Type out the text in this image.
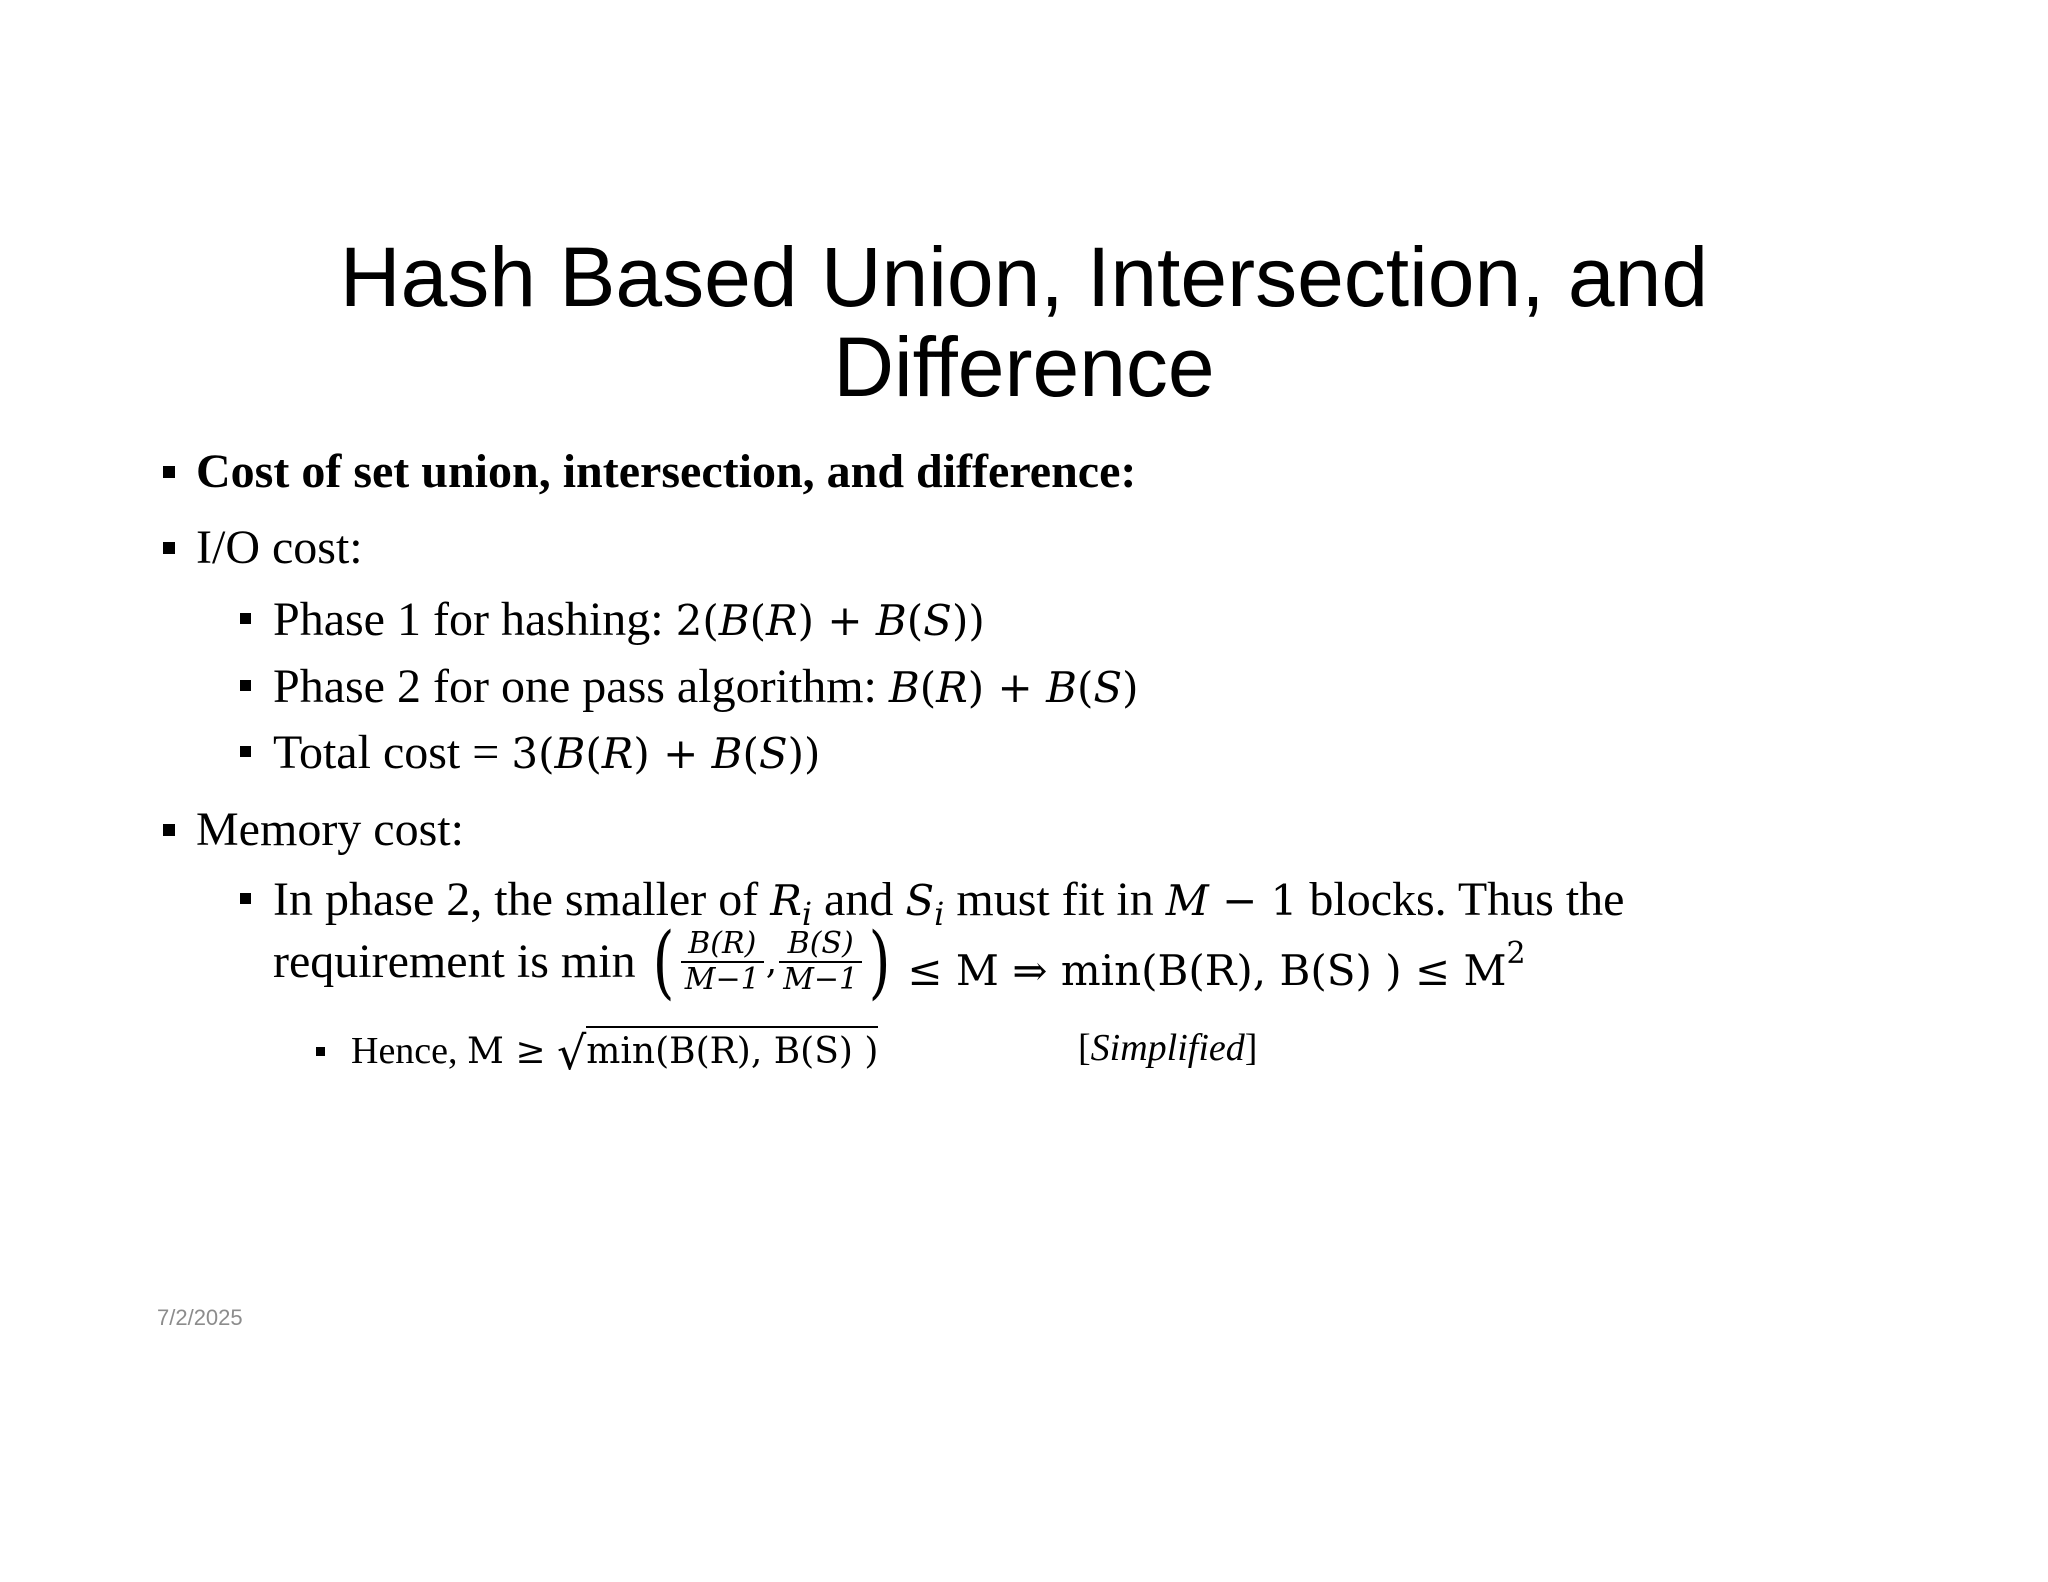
Hash Based Union, Intersection, and
Difference
Cost of set union, intersection, and difference:
I/O cost:
Phase 1 for hashing: 2(B(R) + B(S))
Phase 2 for one pass algorithm: B(R) + B(S)
Total cost = 3(B(R) + B(S))
Memory cost:
In phase 2, the smaller of $R_i$ and $S_i$ must fit in M − 1 blocks. Thus the
requirement is min ( $\frac{B(R)}{M-1}$ , $\frac{B(S)}{M-1}$ ) ≤ M ⇒ min(B(R), B(S) ) ≤ $M^2$
Hence, M ≥ √min(B(R), B(S) )	[Simplified]
7/2/2025
